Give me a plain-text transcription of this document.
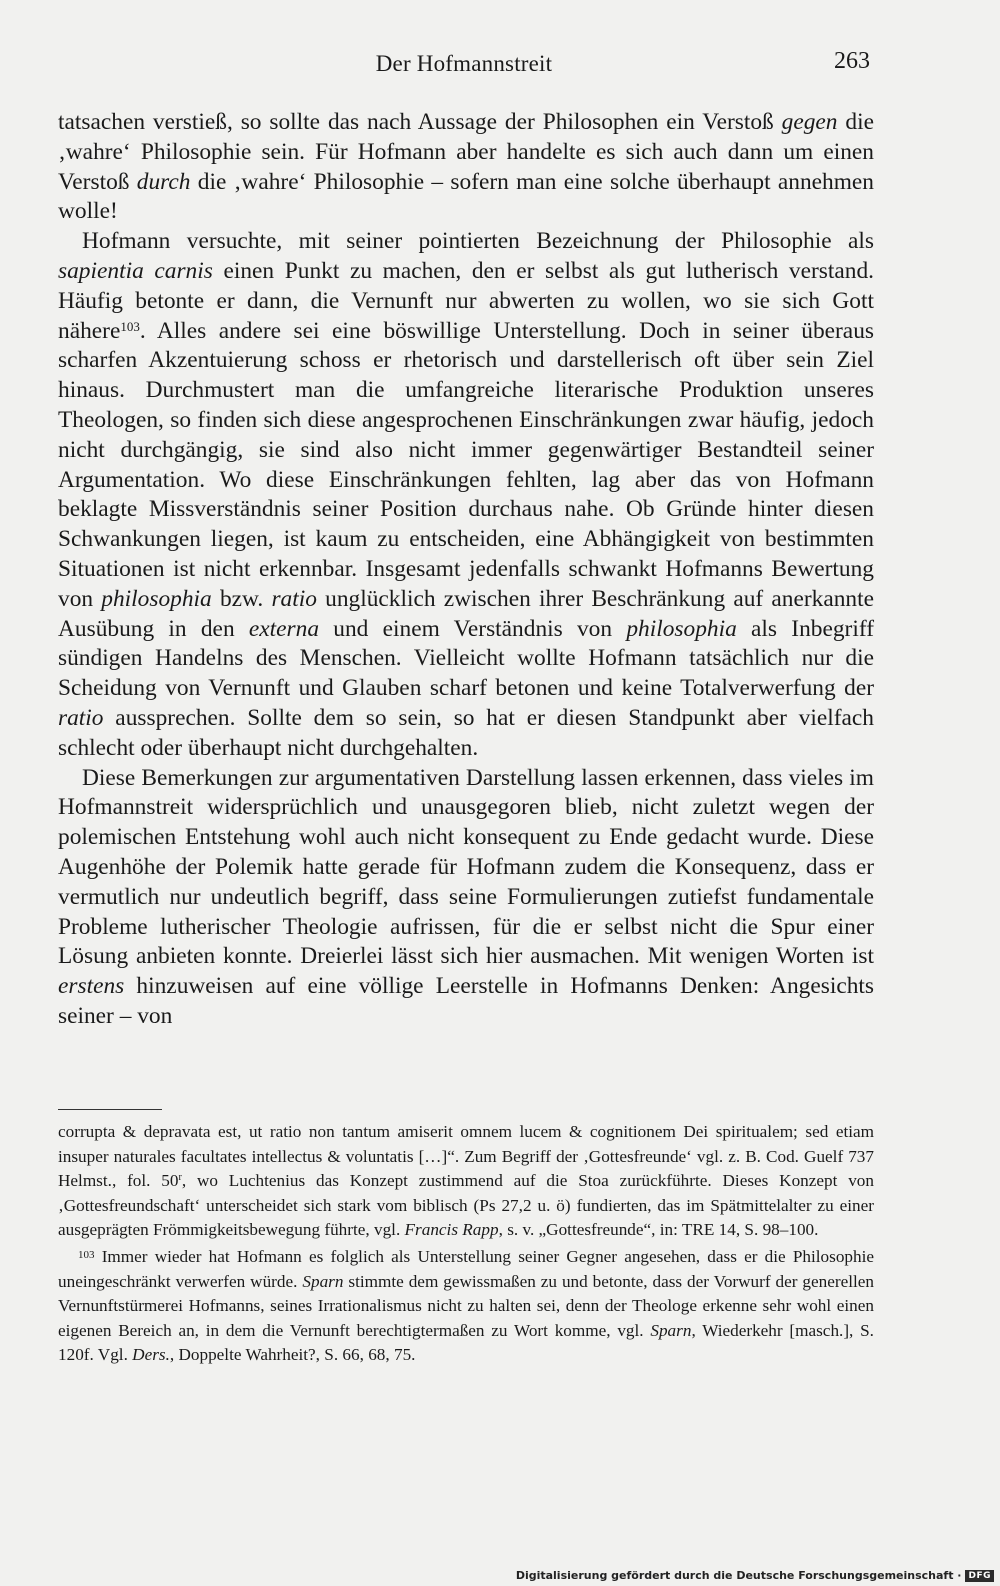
Der Hofmannstreit	263

tatsachen verstieß, so sollte das nach Aussage der Philosophen ein Verstoß gegen die ‚wahre‘ Philosophie sein. Für Hofmann aber handelte es sich auch dann um einen Verstoß durch die ‚wahre‘ Philosophie – sofern man eine solche überhaupt annehmen wolle!

Hofmann versuchte, mit seiner pointierten Bezeichnung der Philosophie als sapientia carnis einen Punkt zu machen, den er selbst als gut lutherisch verstand. Häufig betonte er dann, die Vernunft nur abwerten zu wollen, wo sie sich Gott nähere$^{103}$. Alles andere sei eine böswillige Unterstellung. Doch in seiner überaus scharfen Akzentuierung schoss er rhetorisch und darstellerisch oft über sein Ziel hinaus. Durchmustert man die umfangreiche literarische Produktion unseres Theologen, so finden sich diese angesprochenen Einschränkungen zwar häufig, jedoch nicht durchgängig, sie sind also nicht immer gegenwärtiger Bestandteil seiner Argumentation. Wo diese Einschränkungen fehlten, lag aber das von Hofmann beklagte Missverständnis seiner Position durchaus nahe. Ob Gründe hinter diesen Schwankungen liegen, ist kaum zu entscheiden, eine Abhängigkeit von bestimmten Situationen ist nicht erkennbar. Insgesamt jedenfalls schwankt Hofmanns Bewertung von philosophia bzw. ratio unglücklich zwischen ihrer Beschränkung auf anerkannte Ausübung in den externa und einem Verständnis von philosophia als Inbegriff sündigen Handelns des Menschen. Vielleicht wollte Hofmann tatsächlich nur die Scheidung von Vernunft und Glauben scharf betonen und keine Totalverwerfung der ratio aussprechen. Sollte dem so sein, so hat er diesen Standpunkt aber vielfach schlecht oder überhaupt nicht durchgehalten.

Diese Bemerkungen zur argumentativen Darstellung lassen erkennen, dass vieles im Hofmannstreit widersprüchlich und unausgegoren blieb, nicht zuletzt wegen der polemischen Entstehung wohl auch nicht konsequent zu Ende gedacht wurde. Diese Augenhöhe der Polemik hatte gerade für Hofmann zudem die Konsequenz, dass er vermutlich nur undeutlich begriff, dass seine Formulierungen zutiefst fundamentale Probleme lutherischer Theologie aufrissen, für die er selbst nicht die Spur einer Lösung anbieten konnte. Dreierlei lässt sich hier ausmachen. Mit wenigen Worten ist erstens hinzuweisen auf eine völlige Leerstelle in Hofmanns Denken: Angesichts seiner – von

corrupta & depravata est, ut ratio non tantum amiserit omnem lucem & cognitionem Dei spiritualem; sed etiam insuper naturales facultates intellectus & voluntatis […]“. Zum Begriff der ‚Gottesfreunde‘ vgl. z. B. Cod. Guelf 737 Helmst., fol. 50$^r$, wo Luchtenius das Konzept zustimmend auf die Stoa zurückführte. Dieses Konzept von ‚Gottesfreundschaft‘ unterscheidet sich stark vom biblisch (Ps 27,2 u. ö) fundierten, das im Spätmittelalter zu einer ausgeprägten Frömmigkeitsbewegung führte, vgl. Francis Rapp, s. v. „Gottesfreunde“, in: TRE 14, S. 98–100.

$^{103}$ Immer wieder hat Hofmann es folglich als Unterstellung seiner Gegner angesehen, dass er die Philosophie uneingeschränkt verwerfen würde. Sparn stimmte dem gewissmaßen zu und betonte, dass der Vorwurf der generellen Vernunftstürmerei Hofmanns, seines Irrationalismus nicht zu halten sei, denn der Theologe erkenne sehr wohl einen eigenen Bereich an, in dem die Vernunft berechtigtermaßen zu Wort komme, vgl. Sparn, Wiederkehr [masch.], S. 120f. Vgl. Ders., Doppelte Wahrheit?, S. 66, 68, 75.

Digitalisierung gefördert durch die Deutsche Forschungsgemeinschaft · DFG
